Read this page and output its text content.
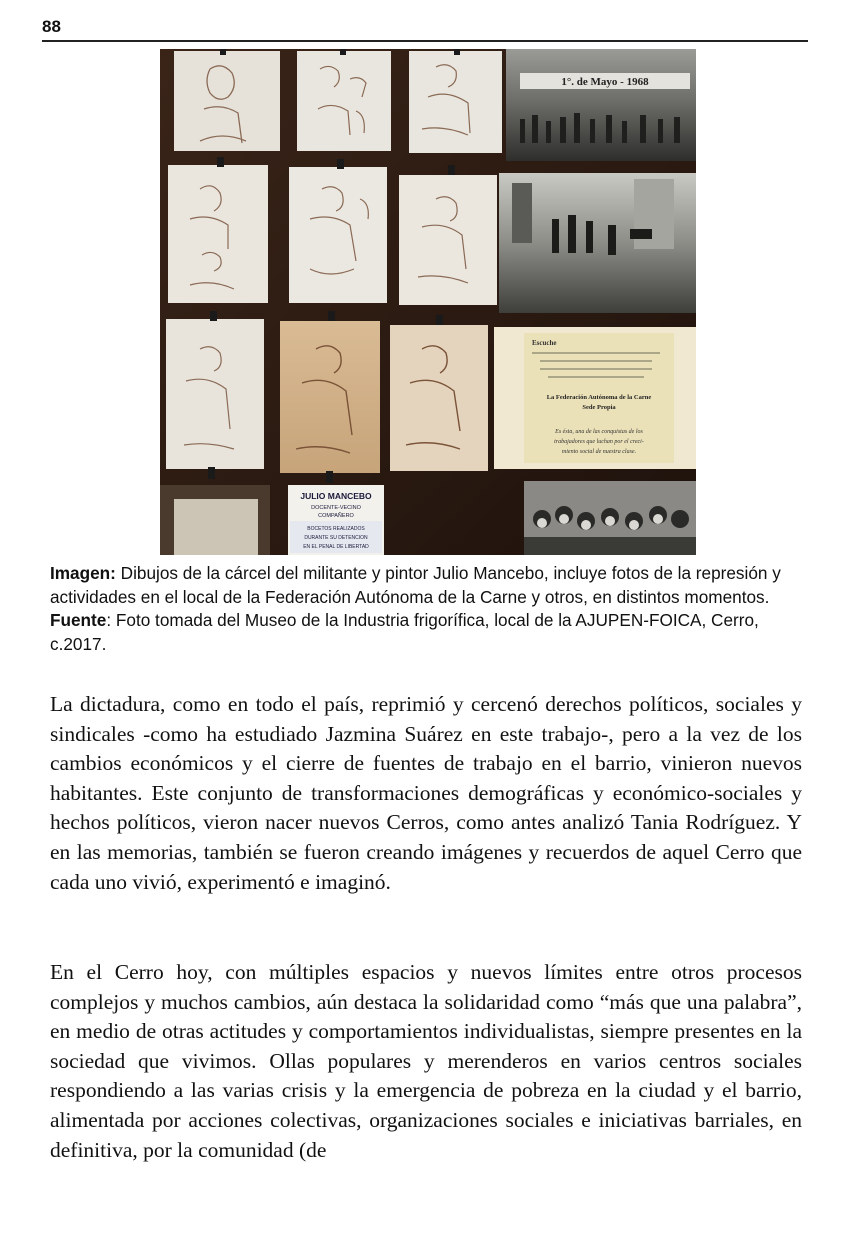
88
1°. de Mayo - 1968
Escuche
La Federación Autónoma de la Carne
Sede Propia
Es ésta, una de las conquistas de los
trabajadores que luchan por el creci-
miento social de nuestra clase.
JULIO MANCEBO
DOCENTE-VECINO
COMPAÑERO
BOCETOS REALIZADOS
DURANTE SU DETENCION
EN EL PENAL DE LIBERTAD
Imagen: Dibujos de la cárcel del militante y pintor Julio Mancebo, incluye fotos de la represión y actividades en el local de la Federación Autónoma de la Carne y otros, en distintos momentos. Fuente: Foto tomada del Museo de la Industria frigorífica, local de la AJUPEN-FOICA, Cerro, c.2017.

La dictadura, como en todo el país, reprimió y cercenó derechos políticos, sociales y sindicales -como ha estudiado Jazmina Suárez en este trabajo-, pero a la vez de los cambios económicos y el cierre de fuentes de trabajo en el barrio, vinieron nuevos habitantes. Este conjunto de transformaciones demográficas y económico-sociales y hechos políticos, vieron nacer nuevos Cerros, como antes analizó Tania Rodríguez. Y en las memorias, también se fueron creando imágenes y recuerdos de aquel Cerro que cada uno vivió, experimentó e imaginó.

En el Cerro hoy, con múltiples espacios y nuevos límites entre otros procesos complejos y muchos cambios, aún destaca la solidaridad como “más que una palabra”, en medio de otras actitudes y comportamientos individualistas, siempre presentes en la sociedad que vivimos. Ollas populares y merenderos en varios centros sociales respondiendo a las varias crisis y la emergencia de pobreza en la ciudad y el barrio, alimentada por acciones colectivas, organizaciones sociales e iniciativas barriales, en definitiva, por la comunidad (de
